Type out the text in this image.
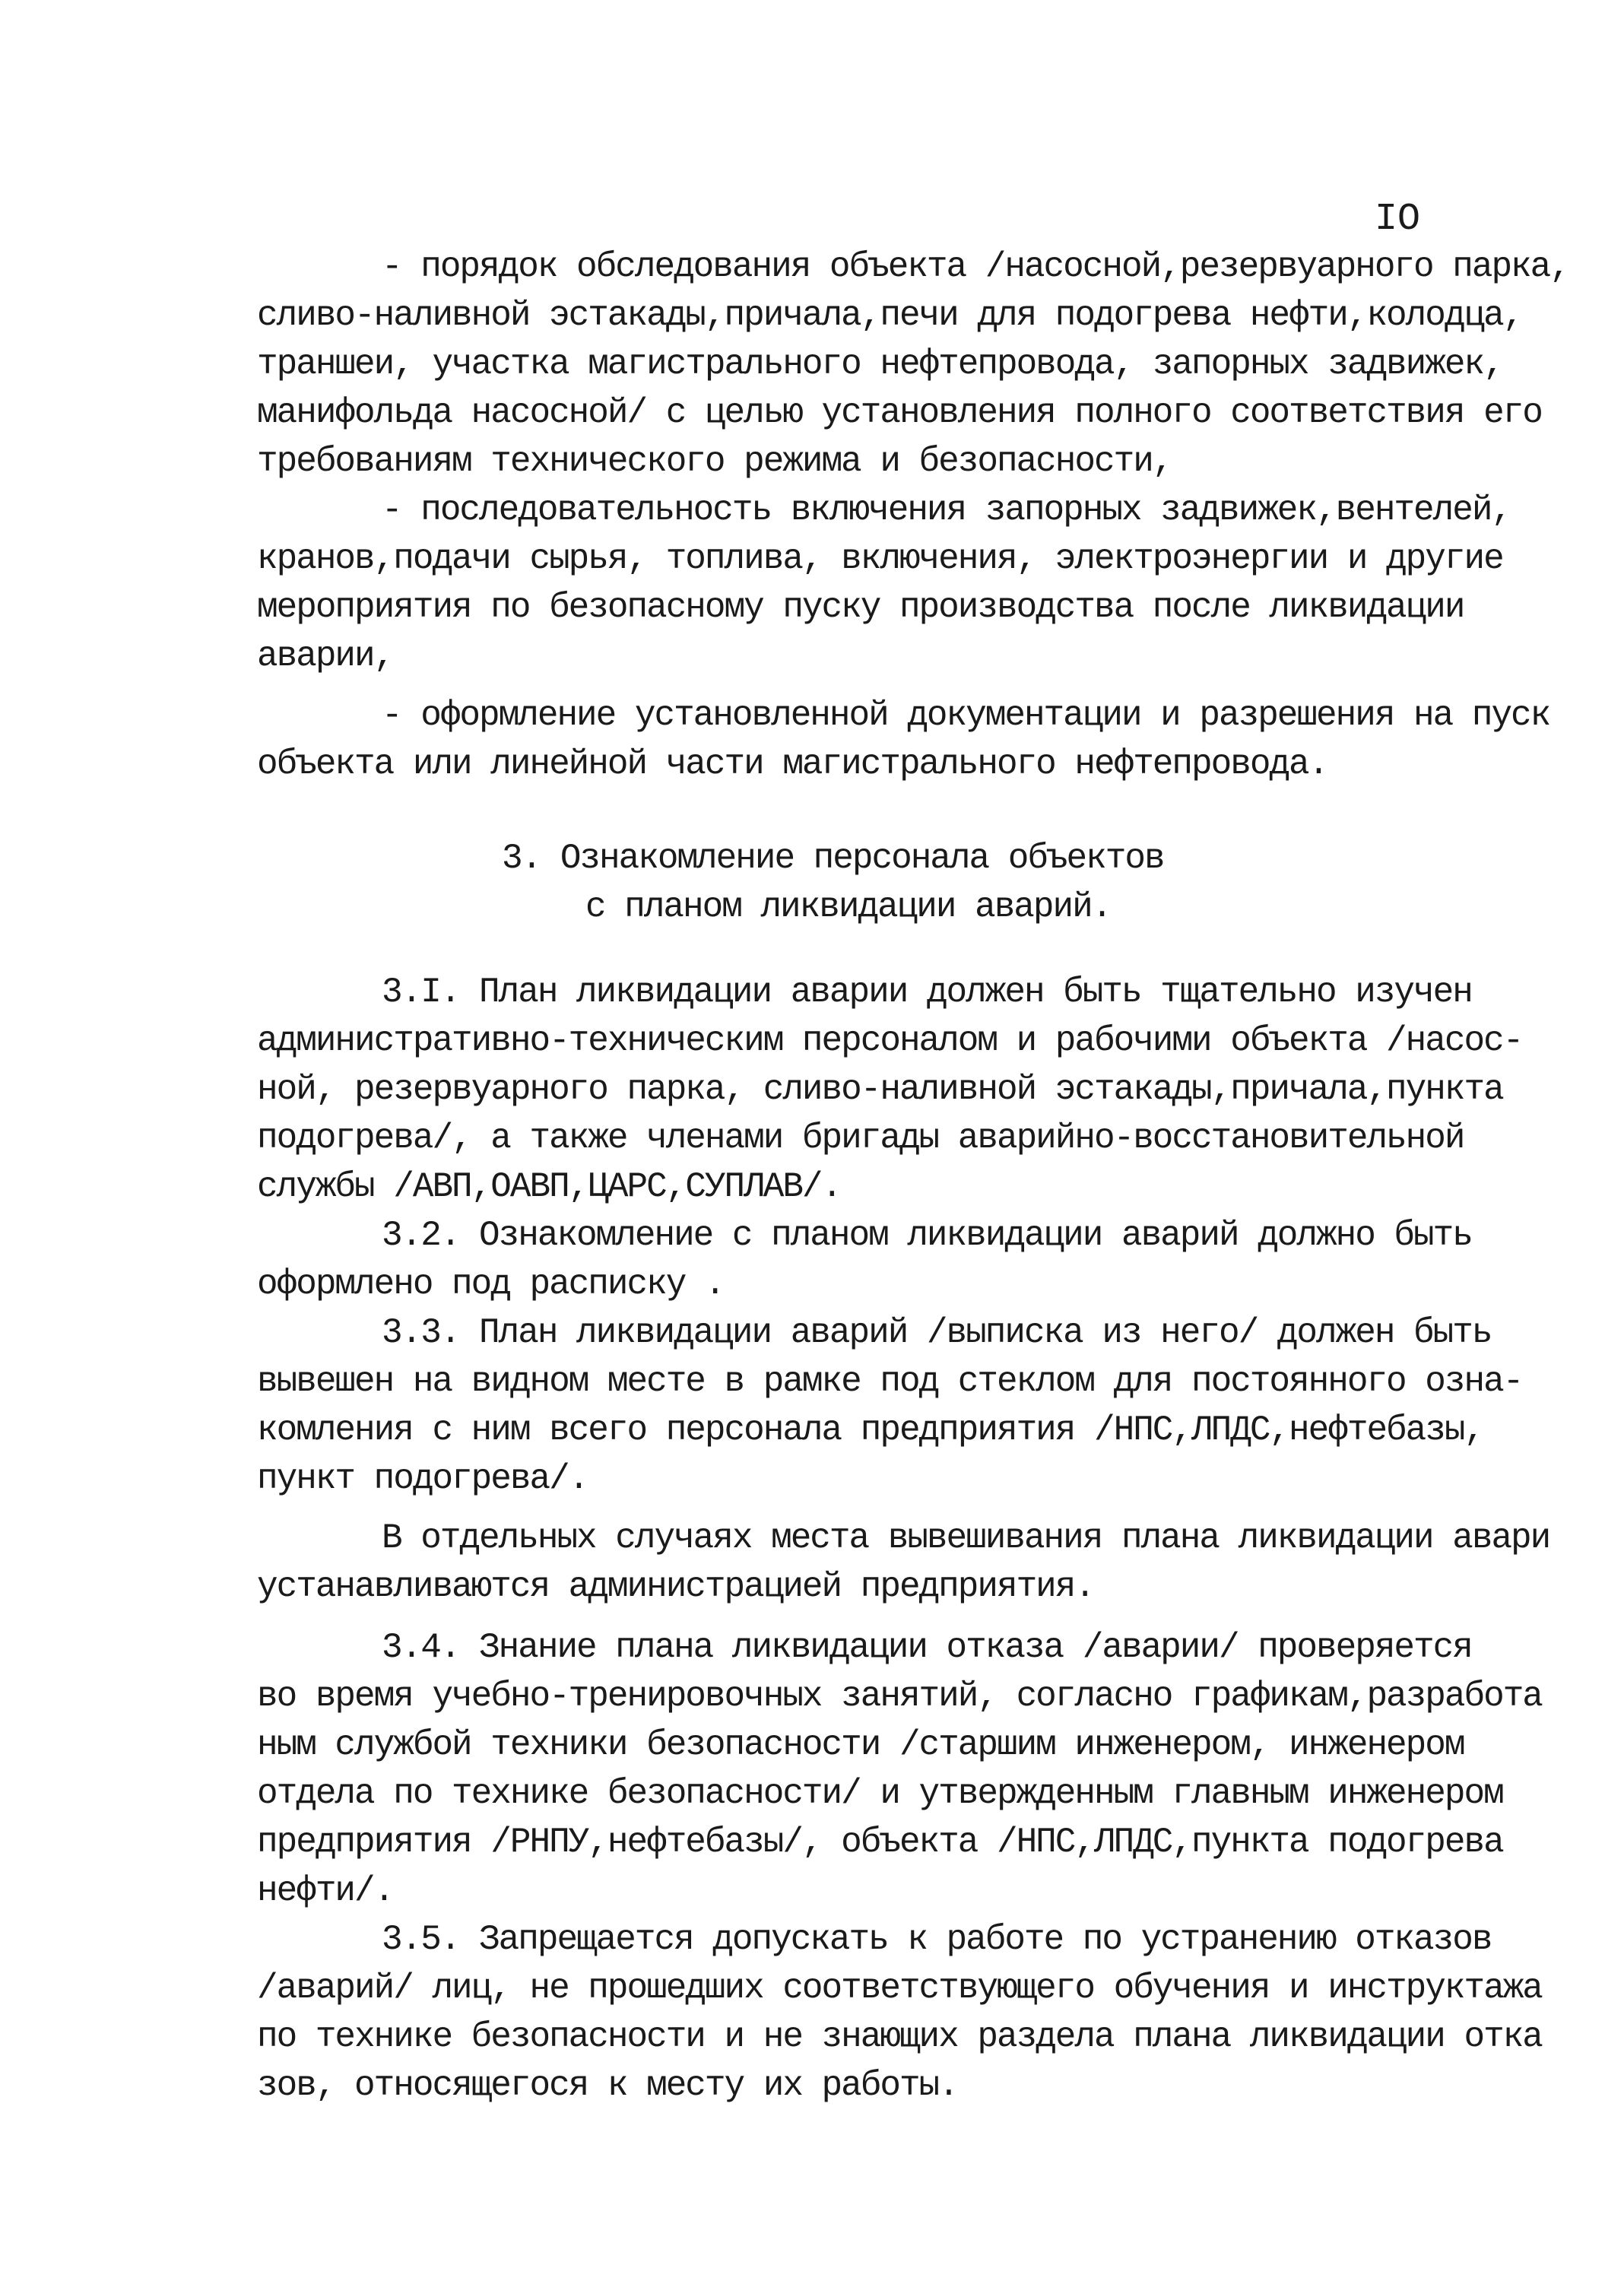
IO
- порядок обследования объекта /насосной,резервуарного парка,
сливо-наливной эстакады,причала,печи для подогрева нефти,колодца,
траншеи, участка магистрального нефтепровода, запорных задвижек,
манифольда насосной/ с целью установления полного соответствия его
требованиям технического режима и безопасности,
- последовательность включения запорных задвижек,вентелей,
кранов,подачи сырья, топлива, включения, электроэнергии и другие
мероприятия по безопасному пуску производства после ликвидации
аварии,
- оформление установленной документации и разрешения на пуск
объекта или линейной части магистрального нефтепровода.
3. Ознакомление персонала объектов
с планом ликвидации аварий.
3.I. План ликвидации аварии должен быть тщательно изучен
административно-техническим персоналом и рабочими объекта /насос-
ной, резервуарного парка, сливо-наливной эстакады,причала,пункта
подогрева/, а также членами бригады аварийно-восстановительной
службы /АВП,ОАВП,ЦАРС,СУПЛАВ/.
3.2. Ознакомление с планом ликвидации аварий должно быть
оформлено под расписку .
3.3. План ликвидации аварий /выписка из него/ должен быть
вывешен на видном месте в рамке под стеклом для постоянного озна-
комления с ним всего персонала предприятия /НПС,ЛПДС,нефтебазы,
пункт подогрева/.
В отдельных случаях места вывешивания плана ликвидации авари
устанавливаются администрацией предприятия.
3.4. Знание плана ликвидации отказа /аварии/ проверяется
во время учебно-тренировочных занятий, согласно графикам,разработа
ным службой техники безопасности /старшим инженером, инженером
отдела по технике безопасности/ и утвержденным главным инженером
предприятия /РНПУ,нефтебазы/, объекта /НПС,ЛПДС,пункта подогрева
нефти/.
3.5. Запрещается допускать к работе по устранению отказов
/аварий/ лиц, не прошедших соответствующего обучения и инструктажа
по технике безопасности и не знающих раздела плана ликвидации отка
зов, относящегося к месту их работы.
